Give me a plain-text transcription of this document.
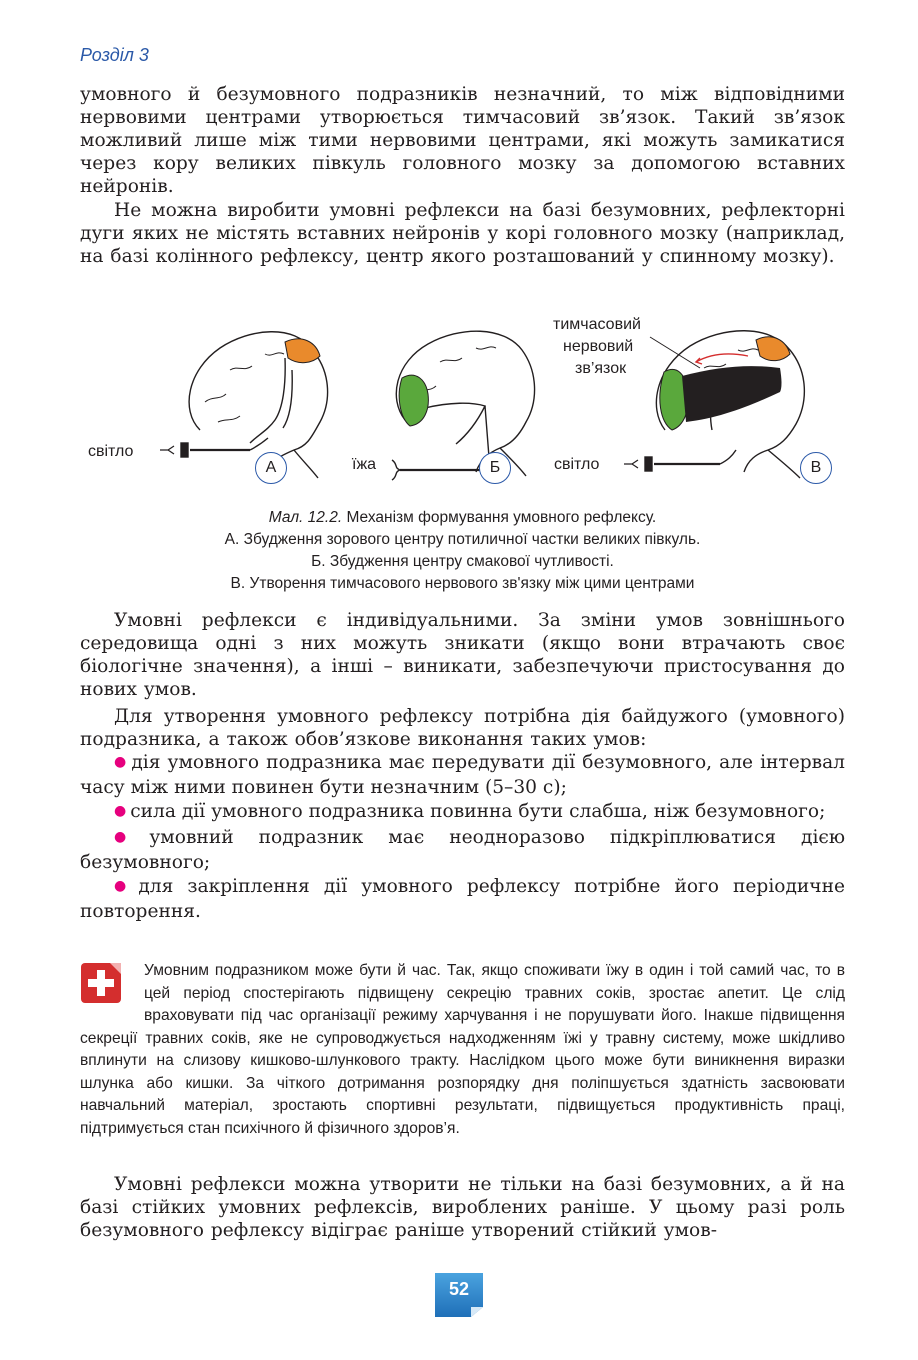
Розділ 3

умовного й безумовного подразників незначний, то між відповідними нервовими центрами утворюється тимчасовий зв’язок. Такий зв’язок можливий лише між тими нервовими центрами, які можуть замикатися через кору великих півкуль головного мозку за допомогою вставних нейронів.

Не можна виробити умовні рефлекси на базі безумовних, рефлекторні дуги яких не містять вставних нейронів у корі головного мозку (наприклад, на базі колінного рефлексу, центр якого розташований у спинному мозку).

світло
їжа	світло
тимчасовий
нервовий
зв’язок
А	Б	В

Мал. 12.2. Механізм формування умовного рефлексу.
А. Збудження зорового центру потиличної частки великих півкуль.
Б. Збудження центру смакової чутливості.
В. Утворення тимчасового нервового зв'язку між цими центрами

Умовні рефлекси є індивідуальними. За зміни умов зовнішнього середовища одні з них можуть зникати (якщо вони втрачають своє біологічне значення), а інші – виникати, забезпечуючи пристосування до нових умов.

Для утворення умовного рефлексу потрібна дія байдужого (умовного) подразника, а також обов’язкове виконання таких умов:

● дія умовного подразника має передувати дії безумовного, але інтервал часу між ними повинен бути незначним (5–30 с);
● сила дії умовного подразника повинна бути слабша, ніж безумовного;
● умовний подразник має неодноразово підкріплюватися дією безумовного;
● для закріплення дії умовного рефлексу потрібне його періодичне повторення.

Умовним подразником може бути й час. Так, якщо споживати їжу в один і той самий час, то в цей період спостерігають підвищену секрецію травних соків, зростає апетит. Це слід враховувати під час організації режиму харчування і не порушувати його. Інакше підвищення секреції травних соків, яке не супроводжується надходженням їжі у травну систему, може шкідливо вплинути на слизову кишково-шлункового тракту. Наслідком цього може бути виникнення виразки шлунка або кишки. За чіткого дотримання розпорядку дня поліпшується здатність засвоювати навчальний матеріал, зростають спортивні результати, підвищується продуктивність праці, підтримується стан психічного й фізичного здоров’я.

Умовні рефлекси можна утворити не тільки на базі безумовних, а й на базі стійких умовних рефлексів, вироблених раніше. У цьому разі роль безумовного рефлексу відіграє раніше утворений стійкий умов-

52
